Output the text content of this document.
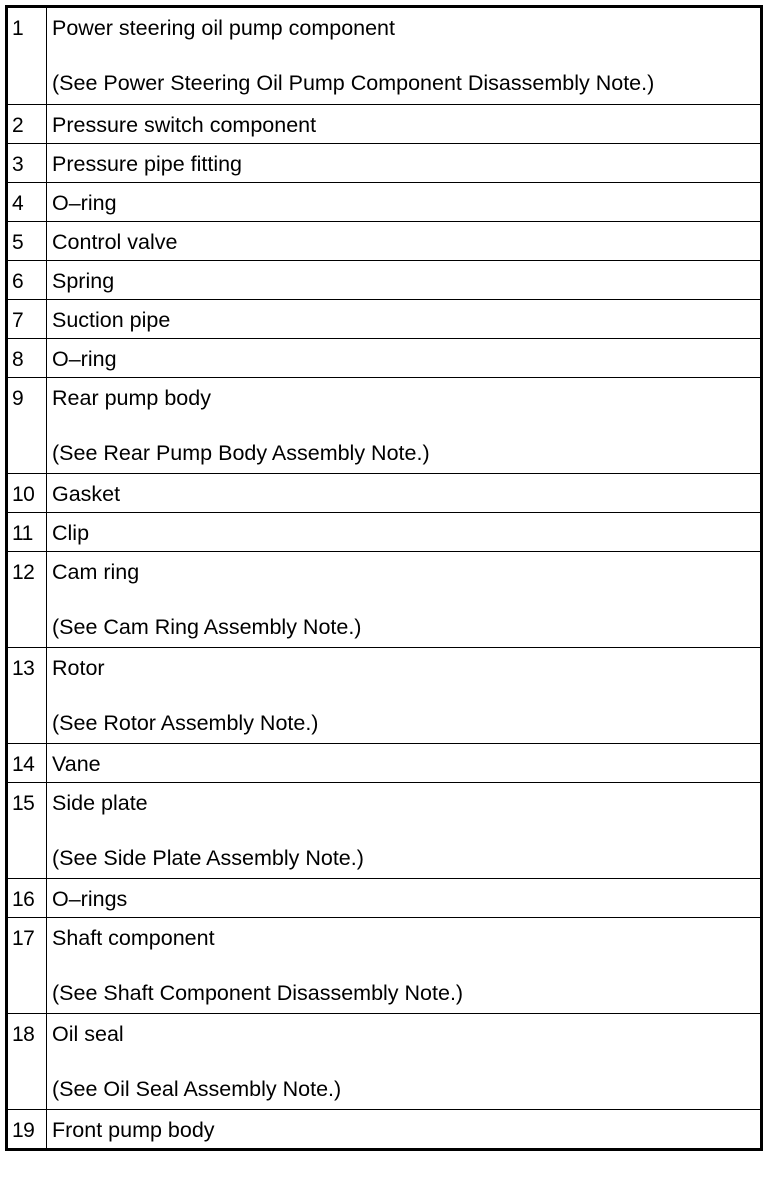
1	Power steering oil pump component
(See Power Steering Oil Pump Component Disassembly Note.)
2	Pressure switch component
3	Pressure pipe fitting
4	O–ring
5	Control valve
6	Spring
7	Suction pipe
8	O–ring
9	Rear pump body
(See Rear Pump Body Assembly Note.)
10 Gasket
11 Clip
12 Cam ring
(See Cam Ring Assembly Note.)
13 Rotor
(See Rotor Assembly Note.)
14 Vane
15 Side plate
(See Side Plate Assembly Note.)
16 O–rings
17 Shaft component
(See Shaft Component Disassembly Note.)
18 Oil seal
(See Oil Seal Assembly Note.)
19 Front pump body
